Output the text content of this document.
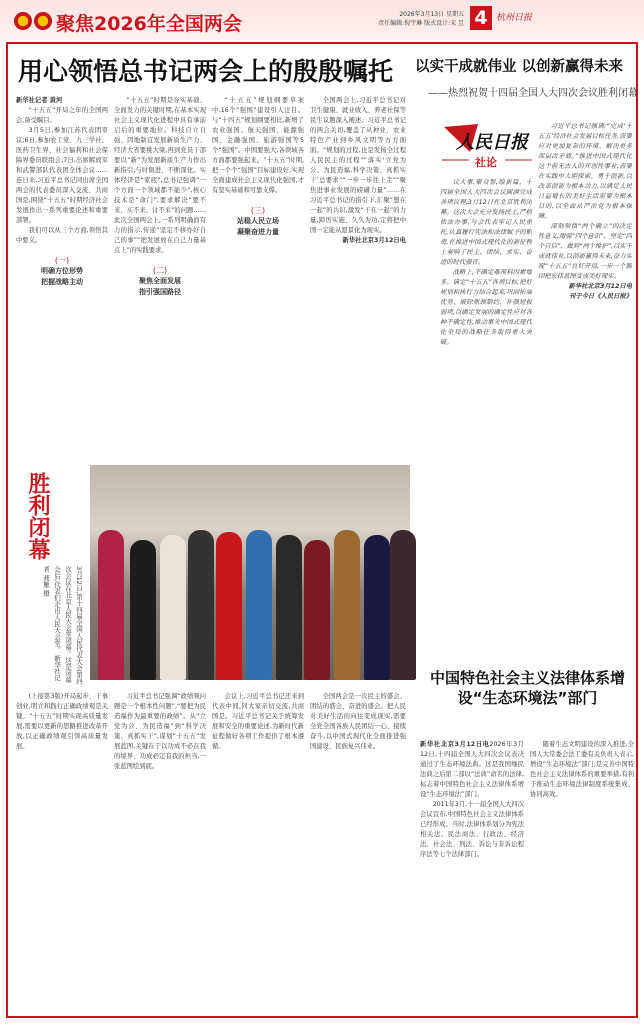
聚焦2026年全国两会	2026年3月13日 星期五
责任编辑:倪宇琳 版式设计:宋 昱 4 杭州日报
用心领悟总书记两会上的殷殷嘱托
新华社记者 黄河

“十五五”开局之年的全国两会,备受瞩目。

3月5日,参加江苏代表团审议;6日,参加农工党、九三学社、医药卫生界、社会福利和社会保障界委员联组会;7日,出席解放军和武警部队代表团全体会议……连日来,习近平总书记同出席全国两会的代表委员深入交流、共商国是,围绕“十五五”时期经济社会发展作出一系列重要论述和重要部署。

我们可以从三个方面,领悟其中要义。

(一)
明确方位形势
把握战略主动

“十五五”时期是夯实基础、全面发力的关键时期,在基本实现社会主义现代化进程中具有承前启后的重要地位。科技自立自强、因地制宜发展新质生产力、经济大省要挑大梁,再到党员干部要以“新”为发展新质生产力作出新指引,与时俱进、不断深化。实体经济是“家底”,总书记强调“一个方面一个领域都不能少”,核心技术是“命门”,要求解决“要不来、买不来、讨不来”的问题……此次全国两会上,一系列明确而有力的指示,传递“坚定不移办好自己的事”“把发展放在自己力量基点上”的实践要求。

(二)
聚焦全面发展
指引强国路径

“十五五”规划纲要草案中,16个“强国”建设引人注目。与“十四五”规划纲要相比,新增了农业强国、航天强国、能源强国、金融强国、旅游强国等5个“强国”。中国要强大,各领域各方面都要强起来。“十五五”时期,把一个个“强国”目标建设好,实现全面建成社会主义现代化强国,才有坚实基础和可靠支撑。

(三)
站稳人民立场
凝聚奋进力量

全国两会上,习近平总书记对卫生健康、就业收入、养老社保等民生议题深入阐述。习近平总书记的两会关切,覆盖了从种业、农业特色产业到乡风文明等方方面面。“规划的过程,也是发扬全过程人民民主的过程”“落实‘立党为公、为民造福,科学决策、真抓实干’总要求”“一步一步往上走”“聚焦进事业发展的磅礴力量”……在习近平总书记的指引下,汇聚“想在一起”的共识,激发“干在一起”的力量,踔厉实施、久久为功,定将把中国一定能从愿景化为现实。

新华社北京3月12日电
以实干成就伟业 以创新赢得未来
——热烈祝贺十四届全国人大四次会议胜利闭幕
人民日报
社论

议大事,聚众智,绘新篇。十四届全国人大四次会议圆满完成各项议程,3月12日在北京胜利闭幕。这次大会充分发扬民主,严格依法办事,与会代表牢记人民重托,认真履行宪法和法律赋予的职责,在推进中国式现代化的新征程上奏响了民主、团结、求实、奋进的时代强音。

战略上,不确定难预料因素增多。锚定“十五五”各项目标,把好规划和执行力结合起来,巩固拓展优势、破除瓶颈制约、补强短板弱项,以确定发展的确定性应对各种不确定性,推动事关中国式现代化全局的战略任务取得重大突破。

习近平总书记强调:“完成‘十五五’经济社会发展目标任务,需要应对更加复杂的环境、解决更多深层次矛盾。”推进中国式现代化这个前无古人的开创性事业,需要在实践中大胆探索、勇于创新,以改革创新为根本动力,以满足人民日益增长的美好生活需要为根本目的,以全面从严治党为根本保障。

深刻领悟“两个确立”的决定性意义,增强“四个意识”、坚定“四个自信”、做到“两个维护”,以实干成就伟业,以创新赢得未来,奋力实现“十五五”良好开局,一步一个脚印把宏伟蓝图变成美好现实。

新华社北京3月12日电
刊于今日《人民日报》
胜利闭幕
3月12日,第十四届全国人民代表大会第四次会议在北京人民大会堂闭幕。这是闭幕会后,代表们走出人民大会堂。 新华社记者 燕雁 摄

(上接第3版)开局起步、干事创业,明立和践行正确政绩观是关键。“十五五”时期实现高质量发展,需要以更新的思路推进改革开放,以正确政绩观引领高质量发展。

习近平总书记强调“政绩观问题是一个根本性问题”,“要把为民造福作为最重要的政绩”。从“立党为公、为民造福”到“科学决策、真抓实干”,谋划“十五五”发展蓝图,关键在于以功成不必在我的境界、功成必定有我的担当,一张蓝图绘到底。

会议上,习近平总书记还来到代表中间,同大家亲切交流,共商国是。习近平总书记关于统筹发展和安全的重要论述,为新时代新征程做好各项工作提供了根本遵循。

全国两会是一次民主的盛会、团结的盛会、奋进的盛会。把人民对美好生活的向往变成现实,需要全党全国各族人民团结一心、接续奋斗,以中国式现代化全面推进强国建设、民族复兴伟业。

中国特色社会主义法律体系增设“生态环境法”部门
新华社北京3月12日电2026年3月12日,十四届全国人大四次会议表决通过了生态环境法典。这是我国继民法典之后第二部以“法典”命名的法律,标志着中国特色社会主义法律体系增设“生态环境法”部门。

2011年3月,十一届全国人大四次会议宣布,中国特色社会主义法律体系已经形成。当时,法律体系划分为宪法相关法、民法商法、行政法、经济法、社会法、刑法、诉讼与非诉讼程序法等七个法律部门。

随着生态文明建设的深入推进,全国人大常委会法工委有关负责人表示,增设“生态环境法”部门,是完善中国特色社会主义法律体系的重要举措,有利于推动生态环境法律制度系统集成、协同高效。
